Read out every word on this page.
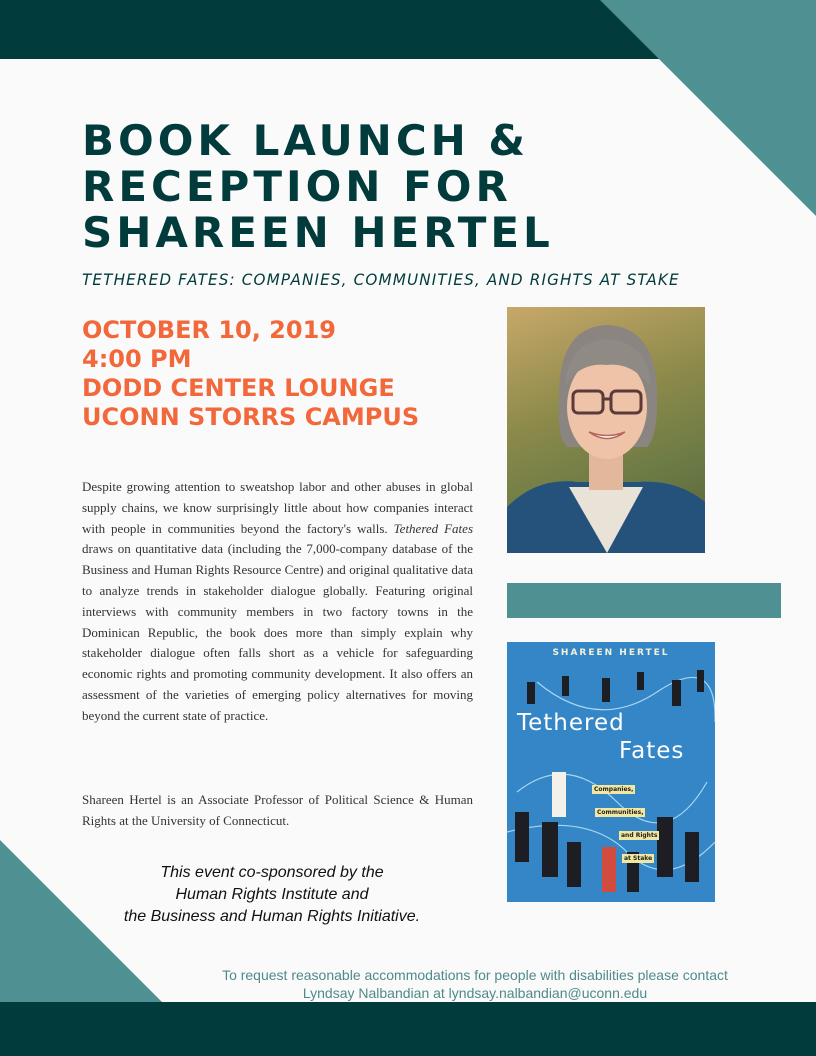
BOOK LAUNCH &
RECEPTION FOR
SHAREEN HERTEL
TETHERED FATES: COMPANIES, COMMUNITIES, AND RIGHTS AT STAKE
OCTOBER 10, 2019
4:00 PM
DODD CENTER LOUNGE
UCONN STORRS CAMPUS

Despite growing attention to sweatshop labor and other abuses in global supply chains, we know surprisingly little about how companies interact with people in communities beyond the factory's walls. Tethered Fates draws on quantitative data (including the 7,000-company database of the Business and Human Rights Resource Centre) and original qualitative data to analyze trends in stakeholder dialogue globally. Featuring original interviews with community members in two factory towns in the Dominican Republic, the book does more than simply explain why stakeholder dialogue often falls short as a vehicle for safeguarding economic rights and promoting community development. It also offers an assessment of the varieties of emerging policy alternatives for moving beyond the current state of practice.

Shareen Hertel is an Associate Professor of Political Science & Human Rights at the University of Connecticut.
This event co-sponsored by the
Human Rights Institute and
the Business and Human Rights Initiative.
To request reasonable accommodations for people with disabilities please contact
Lyndsay Nalbandian at lyndsay.nalbandian@uconn.edu
SHAREEN HERTEL
Tethered
Fates
Companies,
Communities,
and Rights
at Stake
